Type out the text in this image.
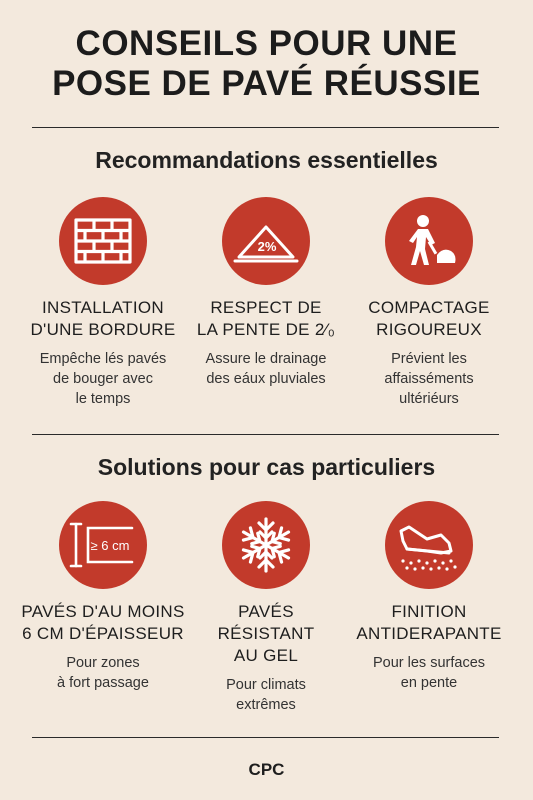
CONSEILS POUR UNE
POSE DE PAVÉ RÉUSSIE
Recommandations essentielles
INSTALLATION
D'UNE BORDURE
Empêche lés pavés
de bouger avec
le temps
2%
RESPECT DE
LA PENTE DE 2⁄₀
Assure le drainage
des eáux pluviales
COMPACTAGE
RIGOUREUX
Prévient les
affaisséments
ultériéurs
Solutions pour cas particuliers
≥ 6 cm
PAVÉS D'AU MOINS
6 CM D'ÉPAISSEUR
Pour zones
à fort passage
PAVÉS
RÉSISTANT
AU GEL
Pour climats
extrêmes
FINITION
ANTIDERAPANTE
Pour les surfaces
en pente
CPC
